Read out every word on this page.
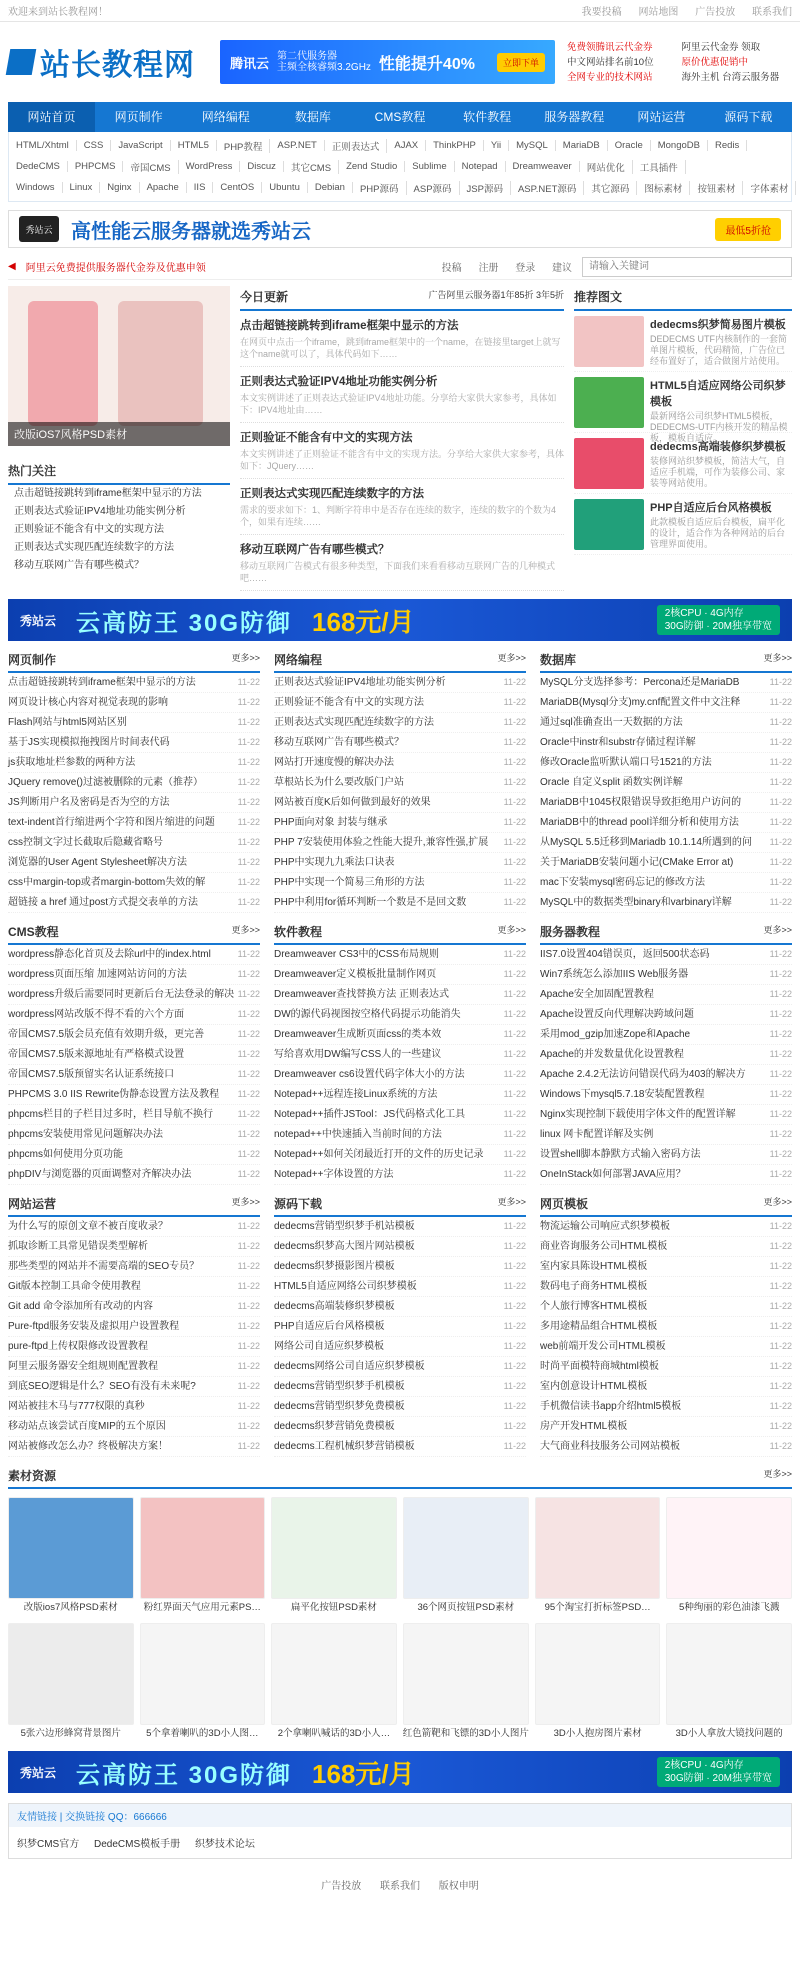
欢迎来到站长教程网！	我要投稿 网站地图 广告投放 联系我们
站长教程网	腾讯云 第二代服务器
主频全核睿频3.2GHz 性能提升40%	立即下单
免费领腾讯云代金券
中文网站排名前10位
全网专业的技术网站
阿里云代金券 领取
原价优惠促销中
海外主机 台湾云服务器
网站首页	网页制作	网络编程	数据库	CMS教程	软件教程	服务器教程	网站运营	源码下载
HTML/Xhtml	CSS	JavaScript	HTML5	PHP教程	ASP.NET	正则表达式	AJAX	ThinkPHP	Yii	MySQL	MariaDB	Oracle	MongoDB	Redis
DedeCMS	PHPCMS	帝国CMS	WordPress	Discuz	其它CMS	Zend Studio	Sublime	Notepad	Dreamweaver	网站优化	工具插件
Windows	Linux	Nginx	Apache	IIS	CentOS	Ubuntu	Debian	PHP源码	ASP源码	JSP源码	ASP.NET源码	其它源码	图标素材	按钮素材	字体素材
秀站云 高性能云服务器就选秀站云	最低5折抢
◀ 阿里云免费提供服务器代金券及优惠申领	投稿 注册 登录 建议
请输入关键词
改版iOS7风格PSD素材
热门关注
点击超链接跳转到iframe框架中显示的方法
正则表达式验证IPV4地址功能实例分析
正则验证不能含有中文的实现方法
正则表达式实现匹配连续数字的方法
移动互联网广告有哪些模式？
今日更新	广告阿里云服务器1年85折 3年5折
点击超链接跳转到iframe框架中显示的方法

在网页中点击一个iframe，跳到iframe框架中的一个name，在链接里target上就写这个name就可以了，具体代码如下……

正则表达式验证IPV4地址功能实例分析

本文实例讲述了正则表达式验证IPV4地址功能。分享给大家供大家参考，具体如下：IPV4地址由……

正则验证不能含有中文的实现方法

本文实例讲述了正则验证不能含有中文的实现方法。分享给大家供大家参考，具体如下：JQuery……

正则表达式实现匹配连续数字的方法

需求的要求如下：1、判断字符串中是否存在连续的数字，连续的数字的个数为4个，如果有连续……

移动互联网广告有哪些模式？

移动互联网广告模式有很多种类型，下面我们来看看移动互联网广告的几种模式吧……

推荐图文
dedecms织梦简易图片模板

DEDECMS UTF内核制作的一套简单图片模板，代码精简，广告位已经布置好了，适合做图片站使用。

HTML5自适应网络公司织梦模板

最新网络公司织梦HTML5模板，DEDECMS-UTF内核开发的精品模板，模板自适应。

dedecms高端装修织梦模板

装修网站织梦模板，简洁大气，自适应手机端，可作为装修公司、家装等网站使用。

PHP自适应后台风格模板

此款模板自适应后台模板，扁平化的设计，适合作为各种网站的后台管理界面使用。

秀站云 云高防王 30G防御 168元/月	2核CPU · 4G内存
30G防御 · 20M独享带宽
网页制作	更多>>
点击超链接跳转到iframe框架中显示的方法	11-22
网页设计核心内容对视觉表现的影响	11-22
Flash网站与html5网站区别	11-22
基于JS实现模拟拖拽图片时间表代码	11-22
js获取地址栏参数的两种方法	11-22
JQuery remove()过滤被删除的元素（推荐）	11-22
JS判断用户名及密码是否为空的方法	11-22
text-indent首行缩进两个字符和图片缩进的问题	11-22
css控制文字过长截取后隐藏省略号	11-22
浏览器的User Agent Stylesheet解决方法	11-22
css中margin-top或者margin-bottom失效的解	11-22
超链接 a href 通过post方式提交表单的方法	11-22
网络编程	更多>>
正则表达式验证IPV4地址功能实例分析	11-22
正则验证不能含有中文的实现方法	11-22
正则表达式实现匹配连续数字的方法	11-22
移动互联网广告有哪些模式？	11-22
网站打开速度慢的解决办法	11-22
草根站长为什么要改版门户站	11-22
网站被百度K后如何做到最好的效果	11-22
PHP面向对象 封装与继承	11-22
PHP 7安装使用体验之性能大提升,兼容性强,扩展 11-22
PHP中实现九九乘法口诀表	11-22
PHP中实现一个简易三角形的方法	11-22
PHP中利用for循环判断一个数是不是回文数	11-22
数据库	更多>>
MySQL分支选择参考：Percona还是MariaDB	11-22
MariaDB(Mysql分支)my.cnf配置文件中文注释	11-22
通过sql准确查出一天数据的方法	11-22
Oracle中instr和substr存储过程详解	11-22
修改Oracle监听默认端口号1521的方法	11-22
Oracle 自定义split 函数实例详解	11-22
MariaDB中1045权限错误导致拒绝用户访问的	11-22
MariaDB中的thread pool详细分析和使用方法	11-22
从MySQL 5.5迁移到Mariadb 10.1.14所遇到的问 11-22
关于MariaDB安装问题小记(CMake Error at)	11-22
mac下安装mysql密码忘记的修改方法	11-22
MySQL中的数据类型binary和varbinary详解	11-22
CMS教程	更多>>
wordpress静态化首页及去除url中的index.html	11-22
wordpress页面压缩 加速网站访问的方法	11-22
wordpress升级后需要同时更新后台无法登录的解决 11-22
wordpress网站改版不得不看的六个方面	11-22
帝国CMS7.5版会员充值有效期升级，更完善	11-22
帝国CMS7.5版来源地址有严格模式设置	11-22
帝国CMS7.5版预留实名认证系统接口	11-22
PHPCMS 3.0 IIS Rewrite伪静态设置方法及教程 11-22
phpcms栏目的子栏目过多时，栏目导航不换行	11-22
phpcms安装使用常见问题解决办法	11-22
phpcms如何使用分页功能	11-22
phpDIV与浏览器的页面调整对齐解决办法	11-22
软件教程	更多>>
Dreamweaver CS3中的CSS布局规则	11-22
Dreamweaver定义模板批量制作网页	11-22
Dreamweaver查找替换方法 正则表达式	11-22
DW的源代码视图按空格代码提示功能消失	11-22
Dreamweaver生成断页面css的类本效	11-22
写给喜欢用DW编写CSS人的一些建议	11-22
Dreamweaver cs6设置代码字体大小的方法	11-22
Notepad++远程连接Linux系统的方法	11-22
Notepad++插件JSTool：JS代码格式化工具	11-22
notepad++中快速插入当前时间的方法	11-22
Notepad++如何关闭最近打开的文件的历史记录 11-22
Notepad++字体设置的方法	11-22
服务器教程	更多>>
IIS7.0设置404错误页，返回500状态码	11-22
Win7系统怎么添加IIS Web服务器	11-22
Apache安全加固配置教程	11-22
Apache设置反向代理解决跨域问题	11-22
采用mod_gzip加速Zope和Apache	11-22
Apache的并发数量优化设置教程	11-22
Apache 2.4.2无法访问错误代码为403的解决方	11-22
Windows下mysql5.7.18安装配置教程	11-22
Nginx实现控制下载使用字体文件的配置详解	11-22
linux 网卡配置详解及实例	11-22
设置shell脚本静默方式输入密码方法	11-22
OneInStack如何部署JAVA应用？	11-22
网站运营	更多>>
为什么写的原创文章不被百度收录？	11-22
抓取诊断工具常见错误类型解析	11-22
那些类型的网站并不需要高端的SEO专员？	11-22
Git版本控制工具命令使用教程	11-22
Git add 命令添加所有改动的内容	11-22
Pure-ftpd服务安装及虚拟用户设置教程	11-22
pure-ftpd上传权限修改设置教程	11-22
阿里云服务器安全组规则配置教程	11-22
到底SEO逻辑是什么？SEO有没有未来呢?	11-22
网站被挂木马与777权限的真秒	11-22
移动站点该尝试百度MIP的五个原因	11-22
网站被修改怎么办？终极解决方案！	11-22
源码下载	更多>>
dedecms营销型织梦手机站模板	11-22
dedecms织梦高大图片网站模板	11-22
dedecms织梦摄影图片模板	11-22
HTML5自适应网络公司织梦模板	11-22
dedecms高端装修织梦模板	11-22
PHP自适应后台风格模板	11-22
网络公司自适应织梦模板	11-22
dedecms网络公司自适应织梦模板	11-22
dedecms营销型织梦手机模板	11-22
dedecms营销型织梦免费模板	11-22
dedecms织梦营销免费模板	11-22
dedecms工程机械织梦营销模板	11-22
网页模板	更多>>
物流运输公司响应式织梦模板	11-22
商业咨询服务公司HTML模板	11-22
室内家具陈设HTML模板	11-22
数码电子商务HTML模板	11-22
个人旅行博客HTML模板	11-22
多用途精品组合HTML模板	11-22
web前端开发公司HTML模板	11-22
时尚平面模特商城html模板	11-22
室内创意设计HTML模板	11-22
手机微信读书app介绍html5模板	11-22
房产开发HTML模板	11-22
大气商业科技服务公司网站模板	11-22
素材资源	更多>>
改版ios7风格PSD素材	粉红界面天气应用元素PS…	扁平化按钮PSD素材	36个网页按钮PSD素材	95个淘宝打折标签PSD…	5种绚丽的彩色油漆飞溅
5张六边形蜂窝背景图片	5个拿着喇叭的3D小人图…	2个拿喇叭喊话的3D小人…	红色箭靶和飞镖的3D小人图片	3D小人抱房图片素材	3D小人拿放大镜找问题的
秀站云 云高防王 30G防御 168元/月	2核CPU · 4G内存
30G防御 · 20M独享带宽
友情链接 | 交换链接 QQ：666666
织梦CMS官方 DedeCMS模板手册 织梦技术论坛
广告投放 联系我们 版权申明
